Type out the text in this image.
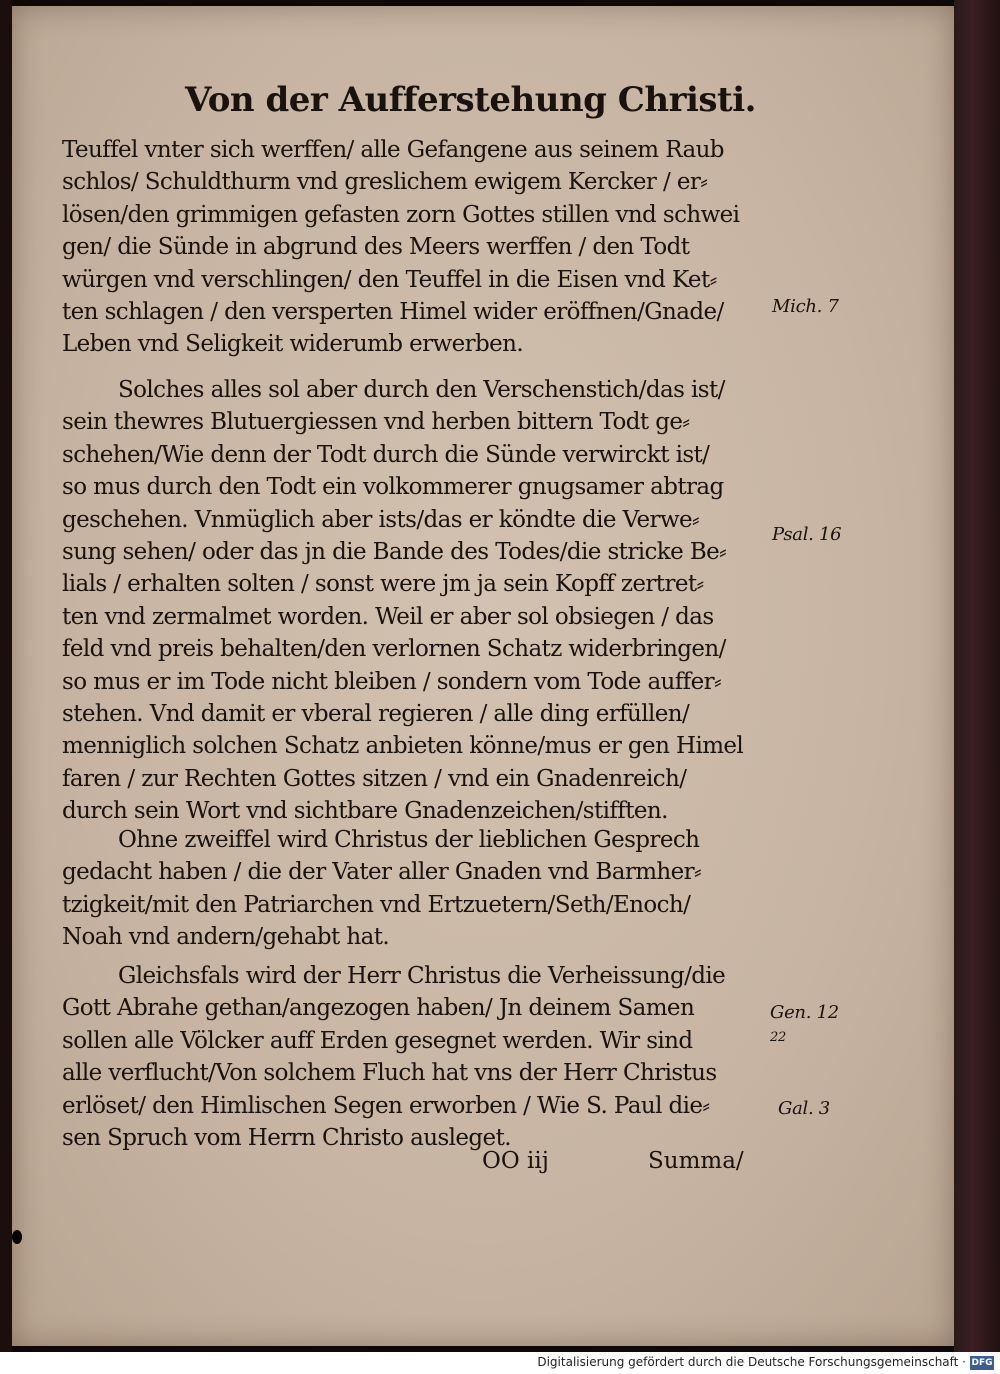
Von der Aufferstehung Christi.
Teuffel vnter sich werffen/ alle Gefangene aus seinem Raub
schlos/ Schuldthurm vnd greslichem ewigem Kercker / er⸗
lösen/den grimmigen gefasten zorn Gottes stillen vnd schwei
gen/ die Sünde in abgrund des Meers werffen / den Todt
würgen vnd verschlingen/ den Teuffel in die Eisen vnd Ket⸗
ten schlagen / den versperten Himel wider eröffnen/Gnade/
Leben vnd Seligkeit widerumb erwerben.
Solches alles sol aber durch den Verschenstich/das ist/
sein thewres Blutuergiessen vnd herben bittern Todt ge⸗
schehen/Wie denn der Todt durch die Sünde verwirckt ist/
so mus durch den Todt ein volkommerer gnugsamer abtrag
geschehen. Vnmüglich aber ists/das er köndte die Verwe⸗
sung sehen/ oder das jn die Bande des Todes/die stricke Be⸗
lials / erhalten solten / sonst were jm ja sein Kopff zertret⸗
ten vnd zermalmet worden. Weil er aber sol obsiegen / das
feld vnd preis behalten/den verlornen Schatz widerbringen/
so mus er im Tode nicht bleiben / sondern vom Tode auffer⸗
stehen. Vnd damit er vberal regieren / alle ding erfüllen/
menniglich solchen Schatz anbieten könne/mus er gen Himel
faren / zur Rechten Gottes sitzen / vnd ein Gnadenreich/
durch sein Wort vnd sichtbare Gnadenzeichen/stifften.
Ohne zweiffel wird Christus der lieblichen Gesprech
gedacht haben / die der Vater aller Gnaden vnd Barmher⸗
tzigkeit/mit den Patriarchen vnd Ertzuetern/Seth/Enoch/
Noah vnd andern/gehabt hat.
Gleichsfals wird der Herr Christus die Verheissung/die
Gott Abrahe gethan/angezogen haben/ Jn deinem Samen
sollen alle Völcker auff Erden gesegnet werden. Wir sind
alle verflucht/Von solchem Fluch hat vns der Herr Christus
erlöset/ den Himlischen Segen erworben / Wie S. Paul die⸗
sen Spruch vom Herrn Christo ausleget.
Mich. 7
Psal. 16
Gen. 12
22
Gal. 3
OO iij	Summa/
Digitalisierung gefördert durch die Deutsche Forschungsgemeinschaft · DFG
